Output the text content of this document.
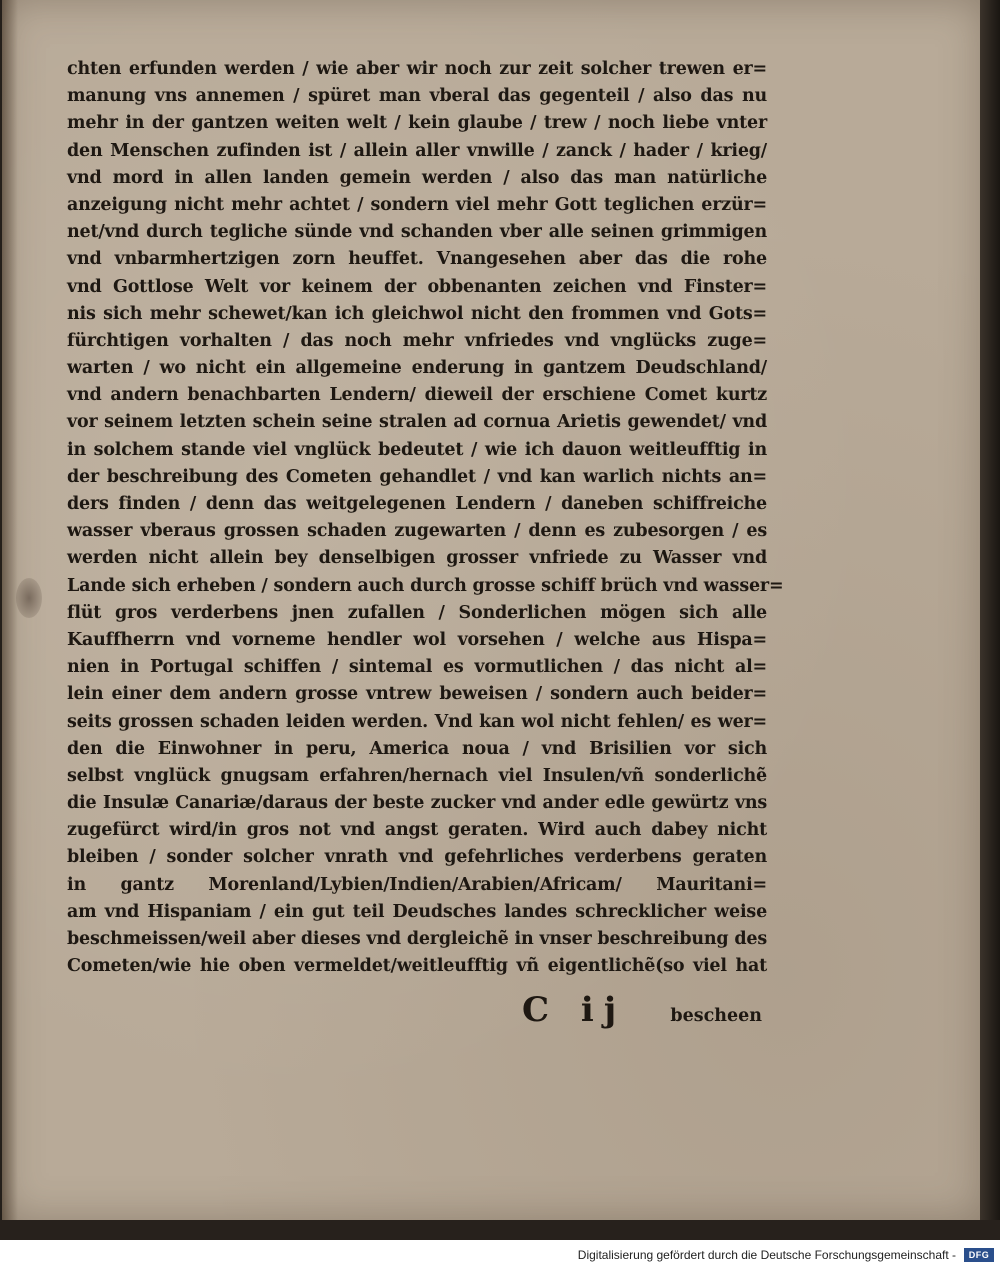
chten erfunden werden / wie aber wir noch zur zeit solcher trewen er=
manung vns annemen / spüret man vberal das gegenteil / also das nu
mehr in der gantzen weiten welt / kein glaube / trew / noch liebe vnter
den Menschen zufinden ist / allein aller vnwille / zanck / hader / krieg/
vnd mord in allen landen gemein werden / also das man natürliche
anzeigung nicht mehr achtet / sondern viel mehr Gott teglichen erzür=
net/vnd durch tegliche sünde vnd schanden vber alle seinen grimmigen
vnd vnbarmhertzigen zorn heuffet. Vnangesehen aber das die rohe
vnd Gottlose Welt vor keinem der obbenanten zeichen vnd Finster=
nis sich mehr schewet/kan ich gleichwol nicht den frommen vnd Gots=
fürchtigen vorhalten / das noch mehr vnfriedes vnd vnglücks zuge=
warten / wo nicht ein allgemeine enderung in gantzem Deudschland/
vnd andern benachbarten Lendern/ dieweil der erschiene Comet kurtz
vor seinem letzten schein seine stralen ad cornua Arietis gewendet/ vnd
in solchem stande viel vnglück bedeutet / wie ich dauon weitleufftig in
der beschreibung des Cometen gehandlet / vnd kan warlich nichts an=
ders finden / denn das weitgelegenen Lendern / daneben schiffreiche
wasser vberaus grossen schaden zugewarten / denn es zubesorgen / es
werden nicht allein bey denselbigen grosser vnfriede zu Wasser vnd
Lande sich erheben / sondern auch durch grosse schiff brüch vnd wasser=
flüt gros verderbens jnen zufallen / Sonderlichen mögen sich alle
Kauffherrn vnd vorneme hendler wol vorsehen / welche aus Hispa=
nien in Portugal schiffen / sintemal es vormutlichen / das nicht al=
lein einer dem andern grosse vntrew beweisen / sondern auch beider=
seits grossen schaden leiden werden. Vnd kan wol nicht fehlen/ es wer=
den die Einwohner in peru, America noua / vnd Brisilien vor sich
selbst vnglück gnugsam erfahren/hernach viel Insulen/vñ sonderlichẽ
die Insulæ Canariæ/daraus der beste zucker vnd ander edle gewürtz vns
zugefürct wird/in gros not vnd angst geraten. Wird auch dabey nicht
bleiben / sonder solcher vnrath vnd gefehrliches verderbens geraten
in gantz Morenland/Lybien/Indien/Arabien/Africam/ Mauritani=
am vnd Hispaniam / ein gut teil Deudsches landes schrecklicher weise
beschmeissen/weil aber dieses vnd dergleichẽ in vnser beschreibung des
Cometen/wie hie oben vermeldet/weitleufftig vñ eigentlichẽ(so viel hat
C ij	bescheen
Digitalisierung gefördert durch die Deutsche Forschungsgemeinschaft -	DFG
